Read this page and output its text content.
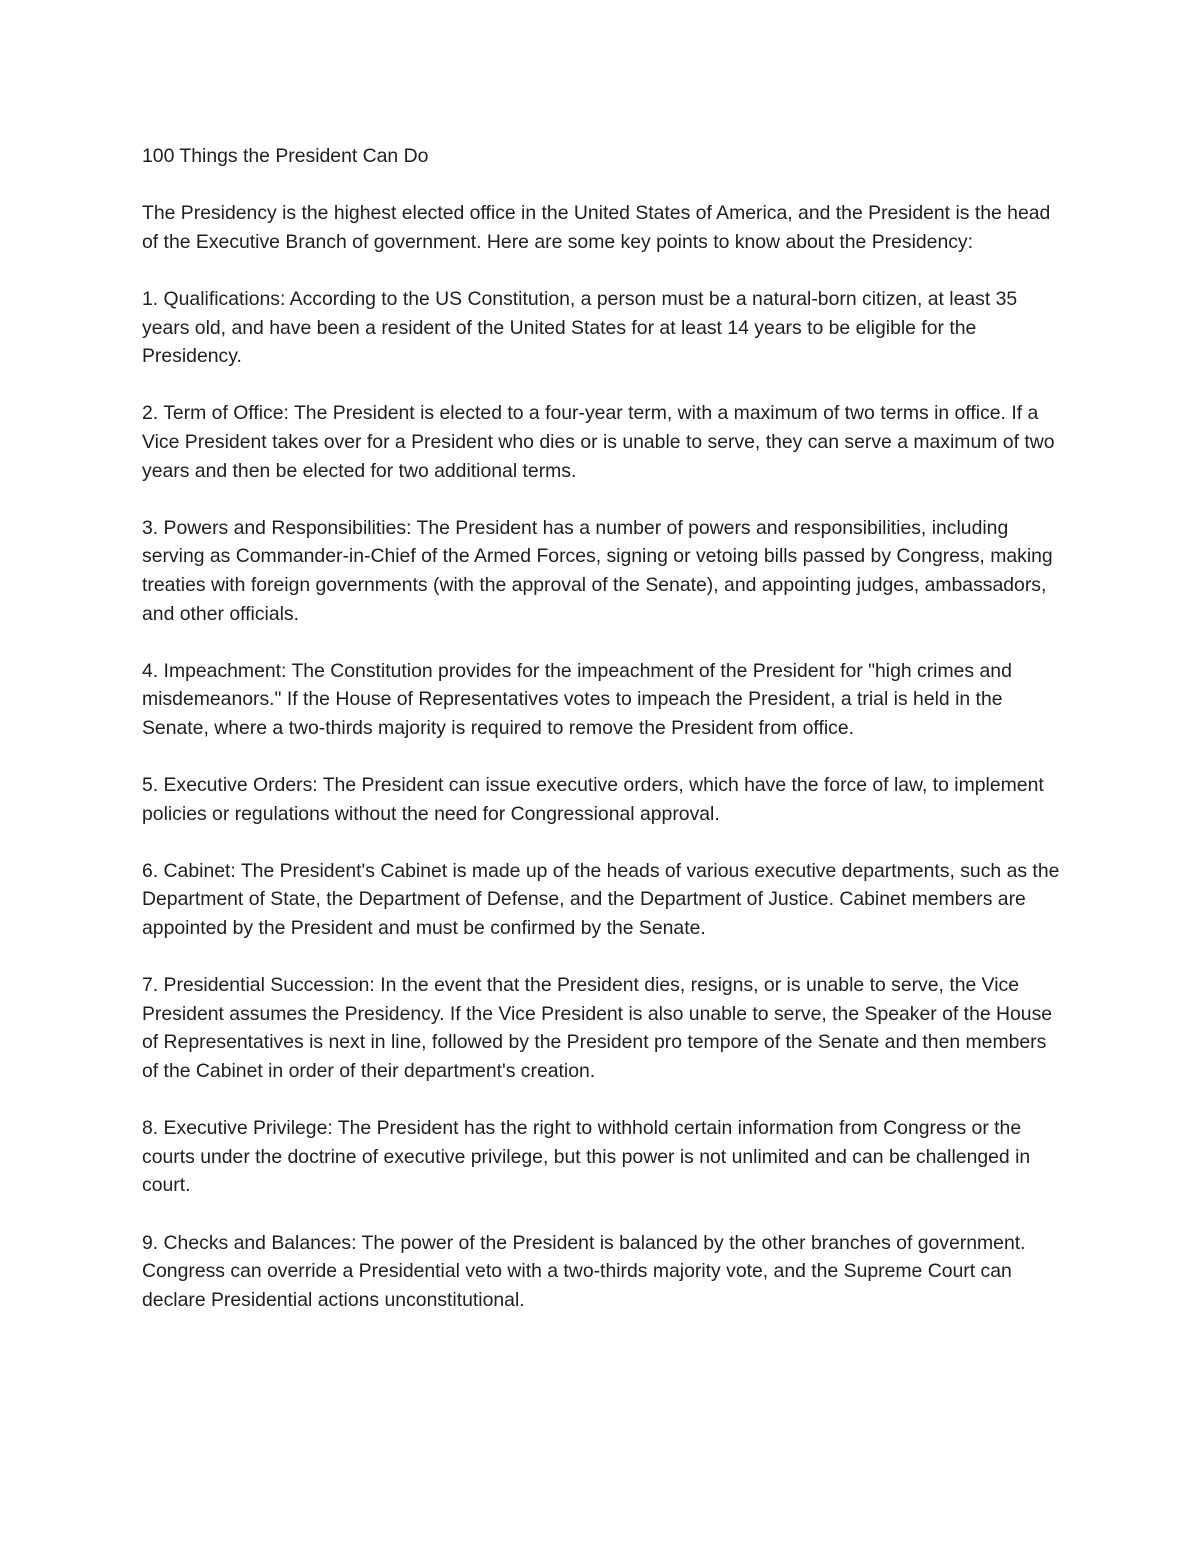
100 Things the President Can Do

The Presidency is the highest elected office in the United States of America, and the President is the head of the Executive Branch of government. Here are some key points to know about the Presidency:

1. Qualifications: According to the US Constitution, a person must be a natural-born citizen, at least 35 years old, and have been a resident of the United States for at least 14 years to be eligible for the Presidency.

2. Term of Office: The President is elected to a four-year term, with a maximum of two terms in office. If a Vice President takes over for a President who dies or is unable to serve, they can serve a maximum of two years and then be elected for two additional terms.

3. Powers and Responsibilities: The President has a number of powers and responsibilities, including serving as Commander-in-Chief of the Armed Forces, signing or vetoing bills passed by Congress, making treaties with foreign governments (with the approval of the Senate), and appointing judges, ambassadors, and other officials.

4. Impeachment: The Constitution provides for the impeachment of the President for "high crimes and misdemeanors." If the House of Representatives votes to impeach the President, a trial is held in the Senate, where a two-thirds majority is required to remove the President from office.

5. Executive Orders: The President can issue executive orders, which have the force of law, to implement policies or regulations without the need for Congressional approval.

6. Cabinet: The President's Cabinet is made up of the heads of various executive departments, such as the Department of State, the Department of Defense, and the Department of Justice. Cabinet members are appointed by the President and must be confirmed by the Senate.

7. Presidential Succession: In the event that the President dies, resigns, or is unable to serve, the Vice President assumes the Presidency. If the Vice President is also unable to serve, the Speaker of the House of Representatives is next in line, followed by the President pro tempore of the Senate and then members of the Cabinet in order of their department's creation.

8. Executive Privilege: The President has the right to withhold certain information from Congress or the courts under the doctrine of executive privilege, but this power is not unlimited and can be challenged in court.

9. Checks and Balances: The power of the President is balanced by the other branches of government. Congress can override a Presidential veto with a two-thirds majority vote, and the Supreme Court can declare Presidential actions unconstitutional.
